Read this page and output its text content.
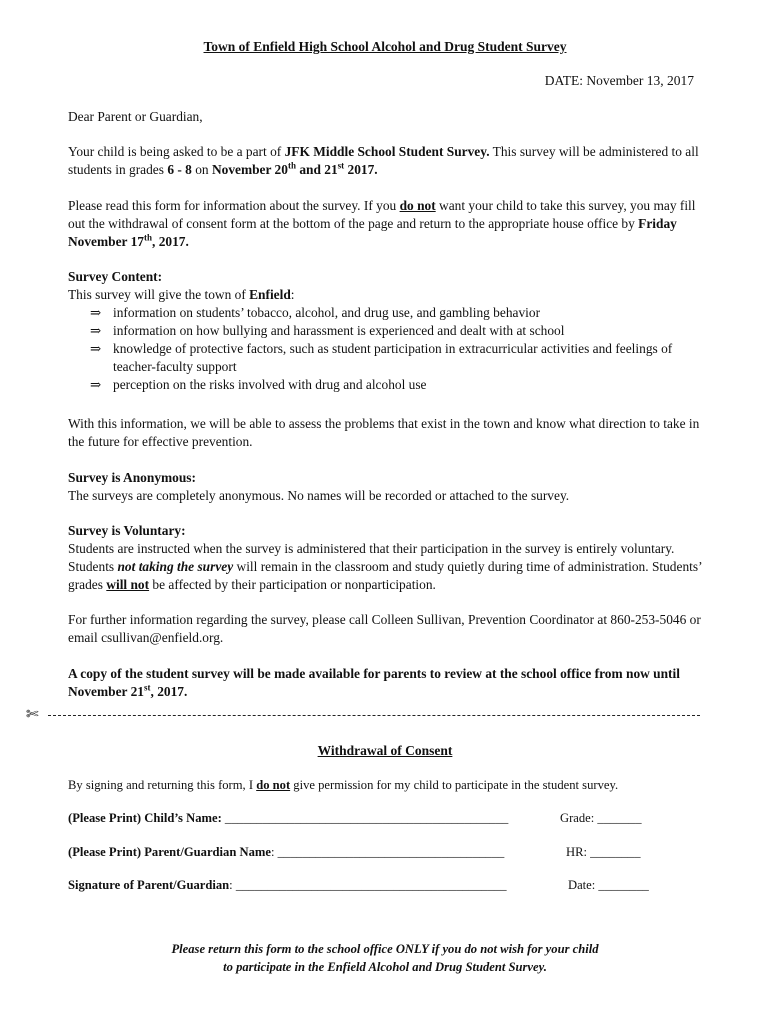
Town of Enfield High School Alcohol and Drug Student Survey
DATE: November 13, 2017
Dear Parent or Guardian,
Your child is being asked to be a part of JFK Middle School Student Survey. This survey will be administered to all students in grades 6 - 8 on November 20th and 21st 2017.
Please read this form for information about the survey. If you do not want your child to take this survey, you may fill out the withdrawal of consent form at the bottom of the page and return to the appropriate house office by Friday November 17th, 2017.
Survey Content:
This survey will give the town of Enfield:
⇒ information on students’ tobacco, alcohol, and drug use, and gambling behavior
⇒ information on how bullying and harassment is experienced and dealt with at school
⇒ knowledge of protective factors, such as student participation in extracurricular activities and feelings of teacher-faculty support
⇒ perception on the risks involved with drug and alcohol use
With this information, we will be able to assess the problems that exist in the town and know what direction to take in the future for effective prevention.
Survey is Anonymous:
The surveys are completely anonymous. No names will be recorded or attached to the survey.
Survey is Voluntary:
Students are instructed when the survey is administered that their participation in the survey is entirely voluntary. Students not taking the survey will remain in the classroom and study quietly during time of administration. Students’ grades will not be affected by their participation or nonparticipation.
For further information regarding the survey, please call Colleen Sullivan, Prevention Coordinator at 860-253-5046 or email csullivan@enfield.org.
A copy of the student survey will be made available for parents to review at the school office from now until November 21st, 2017.
✄
Withdrawal of Consent
By signing and returning this form, I do not give permission for my child to participate in the student survey.
(Please Print) Child’s Name: _____________________________________________	Grade: _______
(Please Print) Parent/Guardian Name: ____________________________________	HR: ________
Signature of Parent/Guardian: ___________________________________________	Date: ________
Please return this form to the school office ONLY if you do not wish for your child
to participate in the Enfield Alcohol and Drug Student Survey.
